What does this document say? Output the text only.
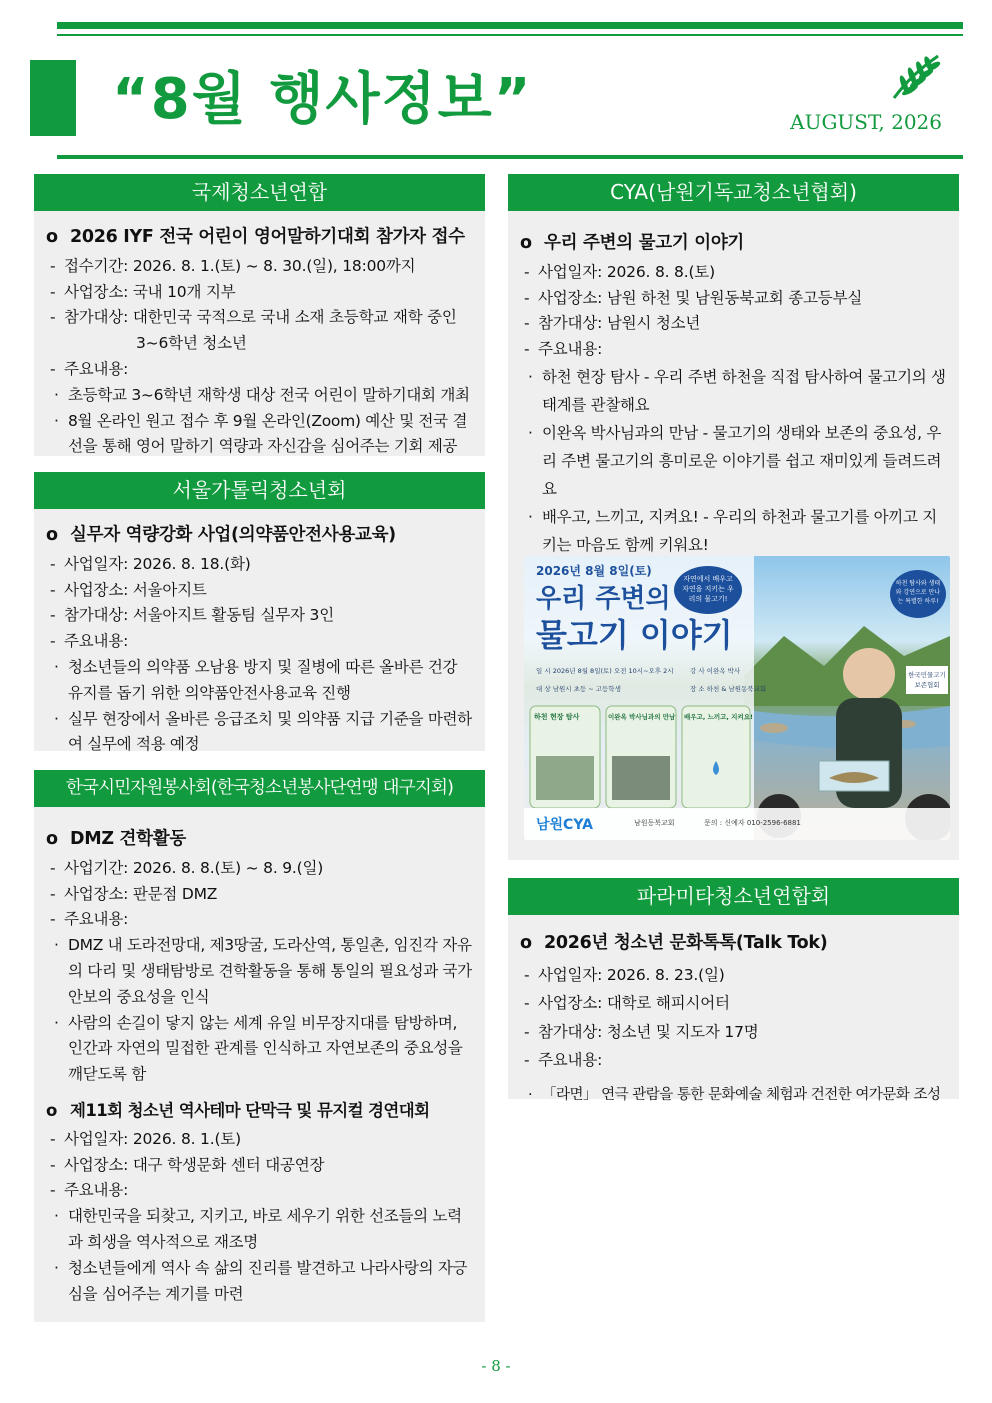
“8월 행사정보”	AUGUST, 2026
국제청소년연합
o 2026 IYF 전국 어린이 영어말하기대회 참가자 접수
- 접수기간: 2026. 8. 1.(토) ~ 8. 30.(일), 18:00까지
- 사업장소: 국내 10개 지부
- 참가대상: 대한민국 국적으로 국내 소재 초등학교 재학 중인 3~6학년 청소년
- 주요내용:
· 초등학교 3~6학년 재학생 대상 전국 어린이 말하기대회 개최
· 8월 온라인 원고 접수 후 9월 온라인(Zoom) 예산 및 전국 결선을 통해 영어 말하기 역량과 자신감을 심어주는 기회 제공
서울가톨릭청소년회
o 실무자 역량강화 사업(의약품안전사용교육)
- 사업일자: 2026. 8. 18.(화)
- 사업장소: 서울아지트
- 참가대상: 서울아지트 활동팀 실무자 3인
- 주요내용:
· 청소년들의 의약품 오남용 방지 및 질병에 따른 올바른 건강 유지를 돕기 위한 의약품안전사용교육 진행
· 실무 현장에서 올바른 응급조치 및 의약품 지급 기준을 마련하여 실무에 적용 예정
한국시민자원봉사회(한국청소년봉사단연맹 대구지회)
o DMZ 견학활동
- 사업기간: 2026. 8. 8.(토) ~ 8. 9.(일)
- 사업장소: 판문점 DMZ
- 주요내용:
· DMZ 내 도라전망대, 제3땅굴, 도라산역, 통일촌, 임진각 자유의 다리 및 생태탐방로 견학활동을 통해 통일의 필요성과 국가안보의 중요성을 인식
· 사람의 손길이 닿지 않는 세계 유일 비무장지대를 탐방하며, 인간과 자연의 밀접한 관계를 인식하고 자연보존의 중요성을 깨닫도록 함
o 제11회 청소년 역사테마 단막극 및 뮤지컬 경연대회
- 사업일자: 2026. 8. 1.(토)
- 사업장소: 대구 학생문화 센터 대공연장
- 주요내용:
· 대한민국을 되찾고, 지키고, 바로 세우기 위한 선조들의 노력과 희생을 역사적으로 재조명
· 청소년들에게 역사 속 삶의 진리를 발견하고 나라사랑의 자긍심을 심어주는 계기를 마련
CYA(남원기독교청소년협회)
o 우리 주변의 물고기 이야기
- 사업일자: 2026. 8. 8.(토)
- 사업장소: 남원 하천 및 남원동북교회 종고등부실
- 참가대상: 남원시 청소년
- 주요내용:
· 하천 현장 탐사 - 우리 주변 하천을 직접 탐사하여 물고기의 생태계를 관찰해요
· 이완옥 박사님과의 만남 - 물고기의 생태와 보존의 중요성, 우리 주변 물고기의 흥미로운 이야기를 쉽고 재미있게 들려드려요
· 배우고, 느끼고, 지켜요! - 우리의 하천과 물고기를 아끼고 지키는 마음도 함께 키워요!
2026년 8월 8일(토)
우리 주변의
물고기 이야기
자연에서 배우고 자연을 지키는 우리의 물고기!
하천 탐사와 생태와 강연으로 만나는 특별한 하루!
일 시 2026년 8월 8일(토) 오전 10시~오후 2시
대 상 남원시 초등 ~ 고등학생
강 사 이완옥 박사
장 소 하천 & 남원동북교회
하천 현장 탐사	이완옥 박사님과의 만남 배우고, 느끼고, 지켜요!
한국민물고기 보존협회
남원CYA	남원동북교회	문의 : 신예자 010-2596-6881
파라미타청소년연합회
o 2026년 청소년 문화톡톡(Talk Tok)
- 사업일자: 2026. 8. 23.(일)
- 사업장소: 대학로 해피시어터
- 참가대상: 청소년 및 지도자 17명
- 주요내용:
· 「라면」 연극 관람을 통한 문화예술 체험과 건전한 여가문화 조성
- 8 -
